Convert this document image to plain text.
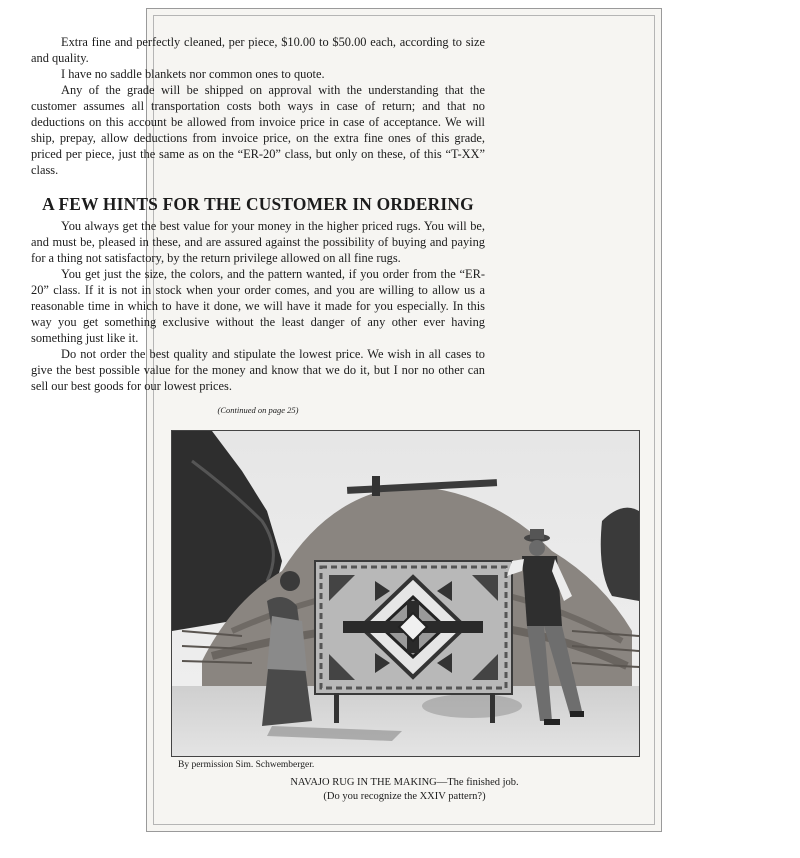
Extra fine and perfectly cleaned, per piece, $10.00 to $50.00 each, according to size and quality.

I have no saddle blankets nor common ones to quote.

Any of the grade will be shipped on approval with the understanding that the customer assumes all transportation costs both ways in case of return; and that no deductions on this account be allowed from invoice price in case of acceptance. We will ship, prepay, allow deductions from invoice price, on the extra fine ones of this grade, priced per piece, just the same as on the “ER-20” class, but only on these, of this “T-XX” class.

A FEW HINTS FOR THE CUSTOMER IN ORDERING

You always get the best value for your money in the higher priced rugs. You will be, and must be, pleased in these, and are assured against the possibility of buying and paying for a thing not satisfactory, by the return privilege allowed on all fine rugs.

You get just the size, the colors, and the pattern wanted, if you order from the “ER-20” class. If it is not in stock when your order comes, and you are willing to allow us a reasonable time in which to have it done, we will have it made for you especially. In this way you get something exclusive without the least danger of any other ever having something just like it.

Do not order the best quality and stipulate the lowest price. We wish in all cases to give the best possible value for the money and know that we do it, but I nor no other can sell our best goods for our lowest prices.

(Continued on page 25)
By permission Sim. Schwemberger.
NAVAJO RUG IN THE MAKING—The finished job.
(Do you recognize the XXIV pattern?)
